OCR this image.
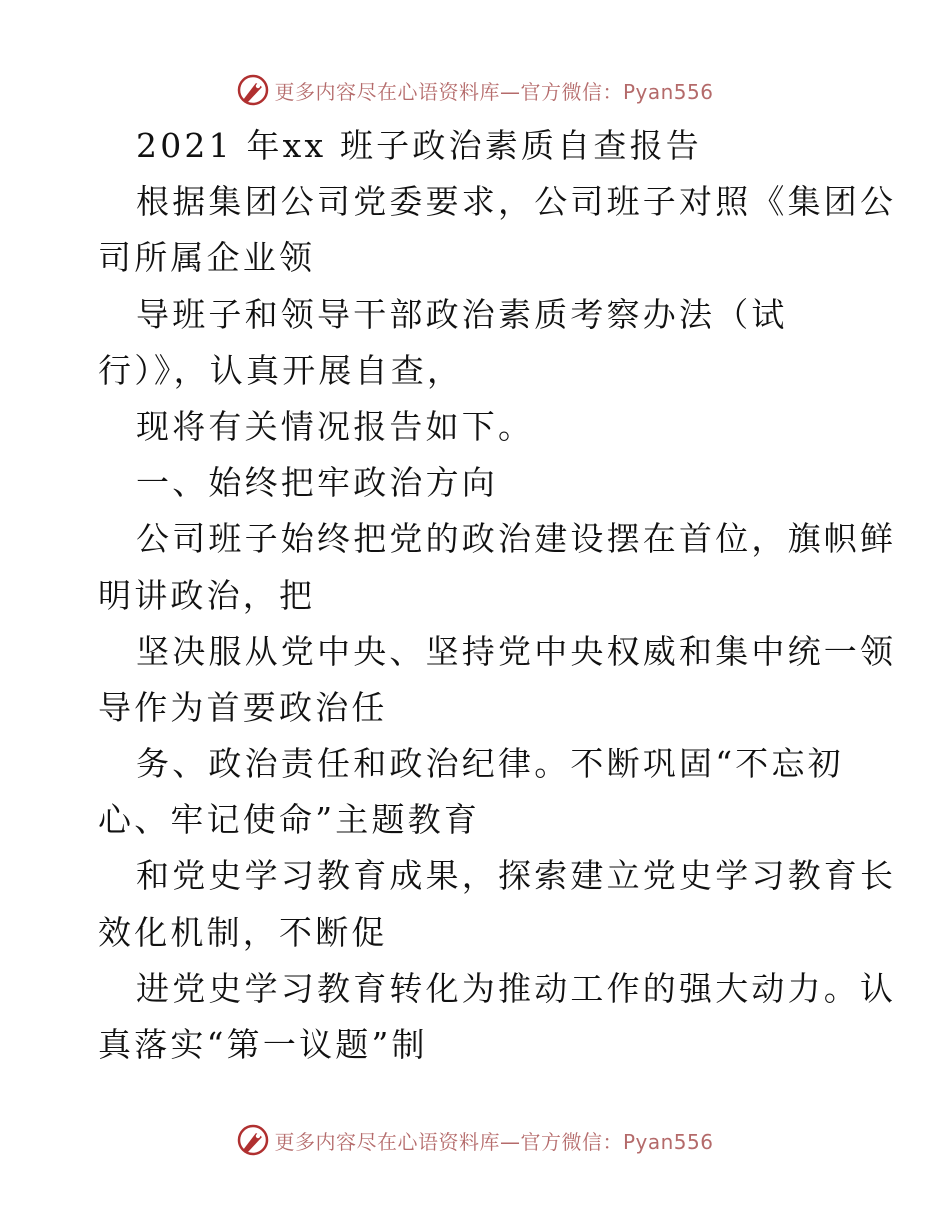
更多内容尽在心语资料库—官方微信：Pyan556
2021 年xx 班子政治素质自查报告
根据集团公司党委要求，公司班子对照《集团公
司所属企业领
导班子和领导干部政治素质考察办法（试
行）》，认真开展自查，
现将有关情况报告如下。
一、始终把牢政治方向
公司班子始终把党的政治建设摆在首位，旗帜鲜
明讲政治，把
坚决服从党中央、坚持党中央权威和集中统一领
导作为首要政治任
务、政治责任和政治纪律。不断巩固“不忘初
心、牢记使命”主题教育
和党史学习教育成果，探索建立党史学习教育长
效化机制，不断促
进党史学习教育转化为推动工作的强大动力。认
真落实“第一议题”制
更多内容尽在心语资料库—官方微信：Pyan556
